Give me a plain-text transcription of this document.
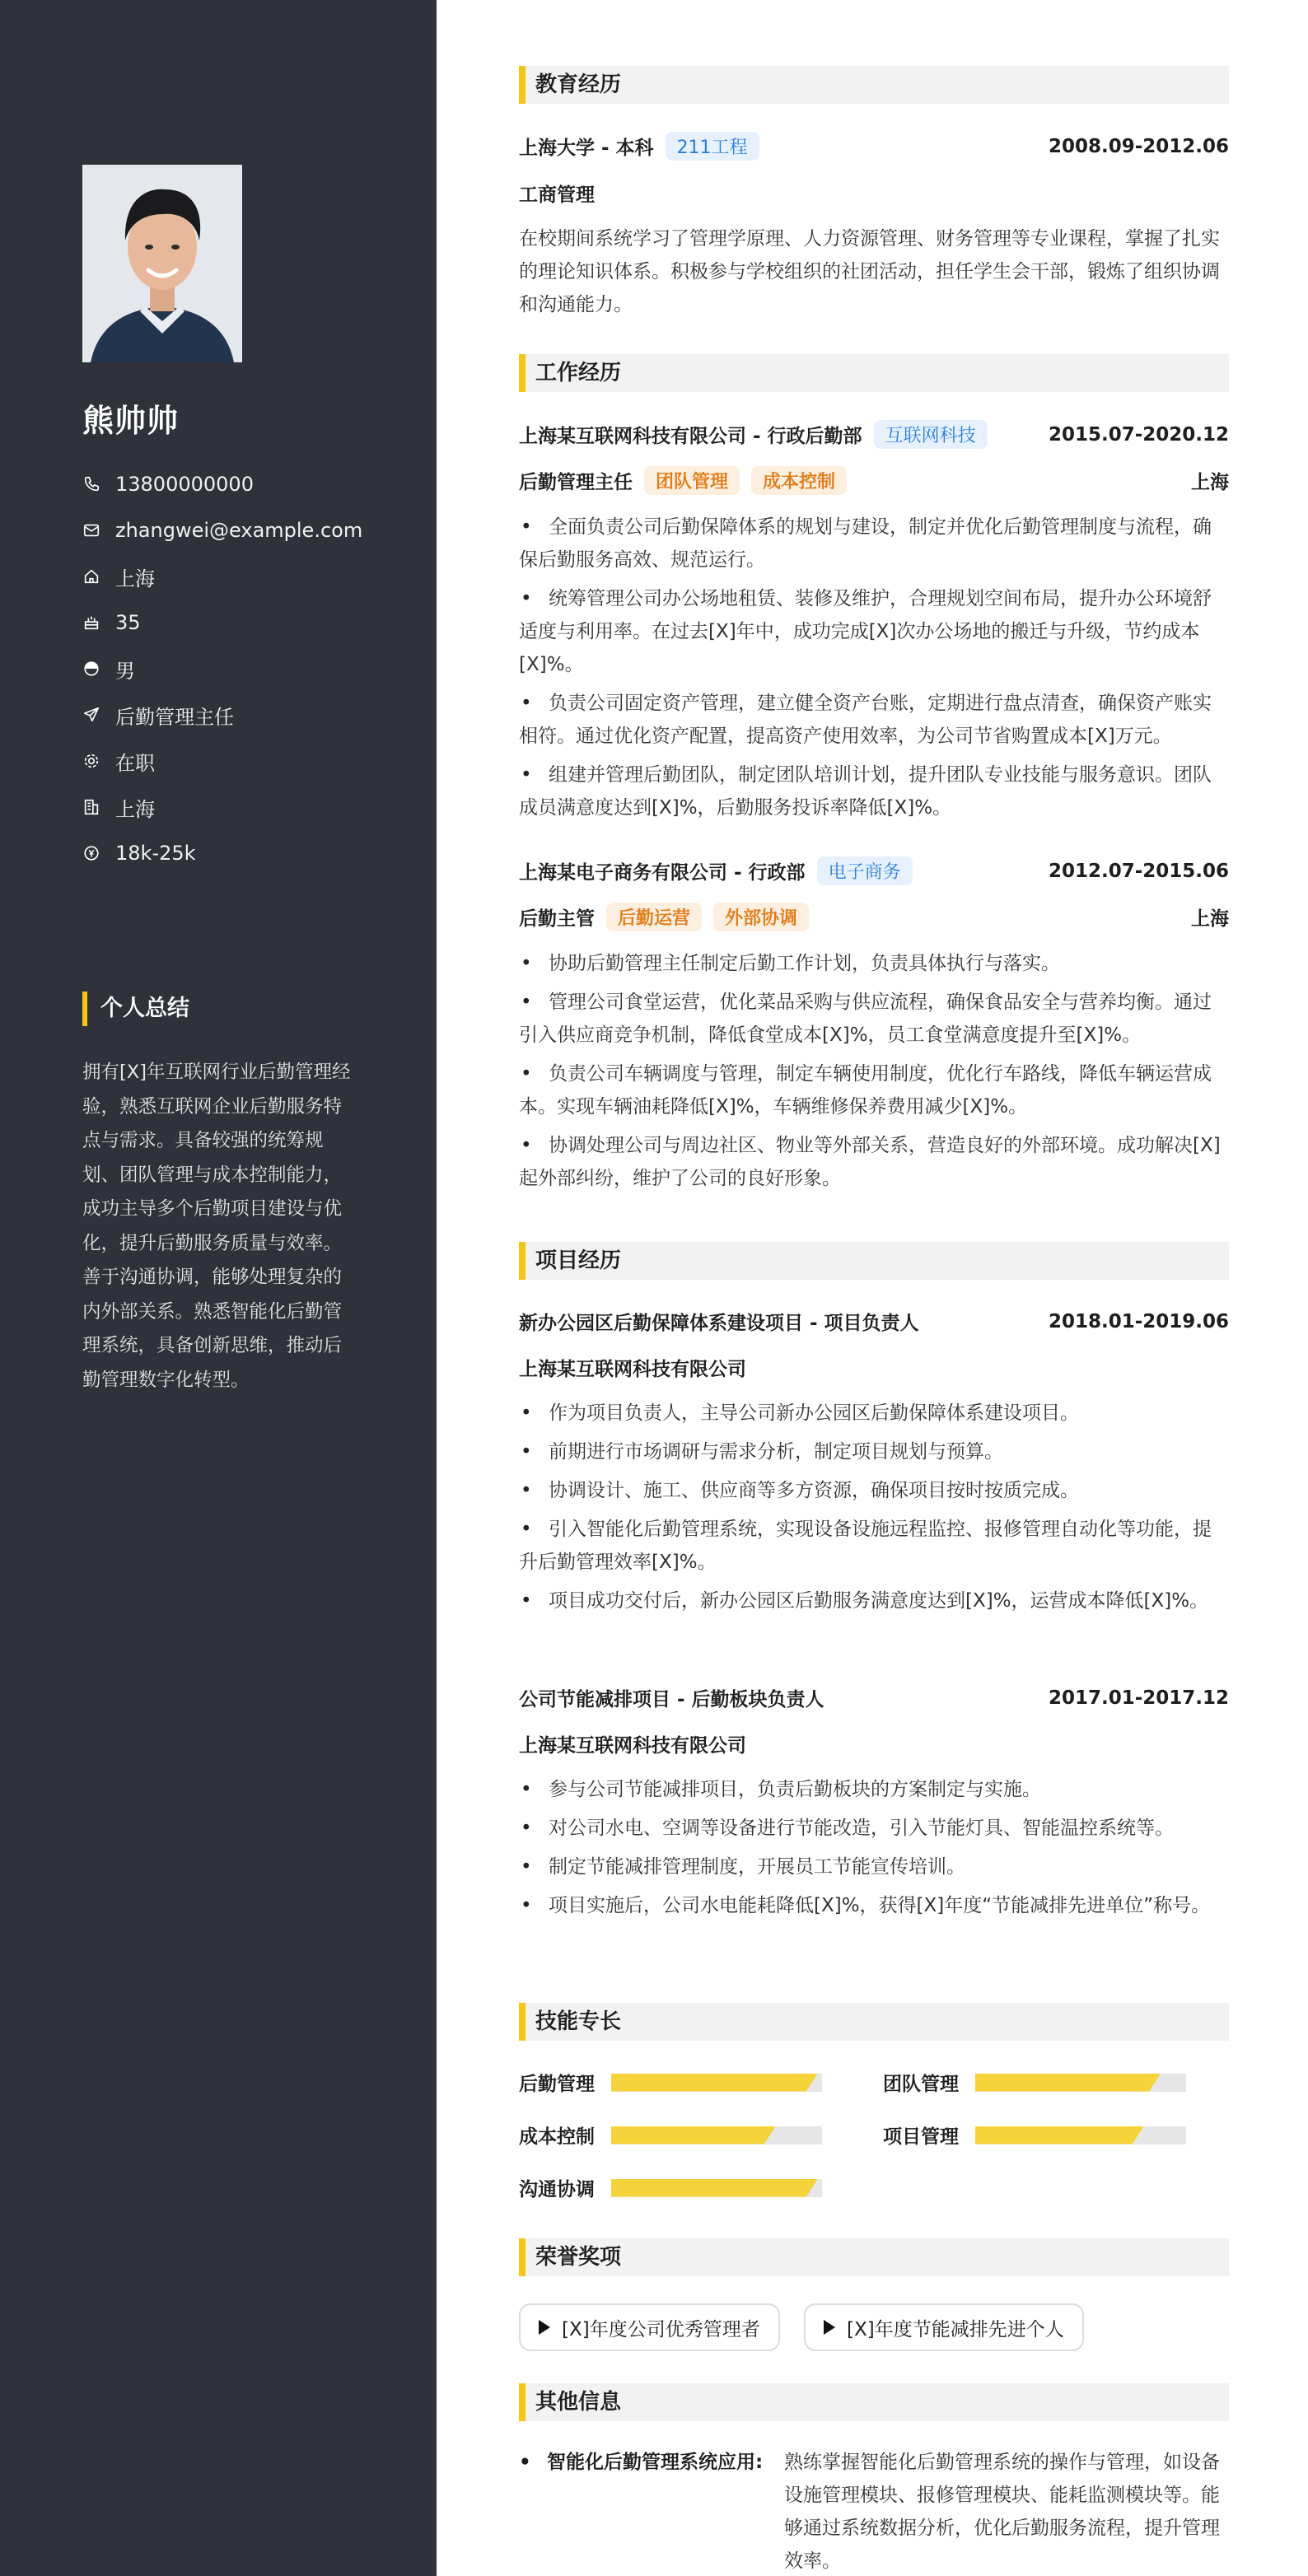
熊帅帅
13800000000
zhangwei@example.com
上海
35
男
后勤管理主任
在职
上海
18k-25k
个人总结
拥有[X]年互联网行业后勤管理经验，熟悉互联网企业后勤服务特点与需求。具备较强的统筹规划、团队管理与成本控制能力，成功主导多个后勤项目建设与优化，提升后勤服务质量与效率。善于沟通协调，能够处理复杂的内外部关系。熟悉智能化后勤管理系统，具备创新思维，推动后勤管理数字化转型。
教育经历
上海大学 - 本科	211工程	2008.09-2012.06
工商管理
在校期间系统学习了管理学原理、人力资源管理、财务管理等专业课程，掌握了扎实的理论知识体系。积极参与学校组织的社团活动，担任学生会干部，锻炼了组织协调和沟通能力。
工作经历
上海某互联网科技有限公司 - 行政后勤部	互联网科技	2015.07-2020.12
后勤管理主任	团队管理	成本控制	上海
• 全面负责公司后勤保障体系的规划与建设，制定并优化后勤管理制度与流程，确保后勤服务高效、规范运行。
• 统筹管理公司办公场地租赁、装修及维护，合理规划空间布局，提升办公环境舒适度与利用率。在过去[X]年中，成功完成[X]次办公场地的搬迁与升级，节约成本[X]%。
• 负责公司固定资产管理，建立健全资产台账，定期进行盘点清查，确保资产账实相符。通过优化资产配置，提高资产使用效率，为公司节省购置成本[X]万元。
• 组建并管理后勤团队，制定团队培训计划，提升团队专业技能与服务意识。团队成员满意度达到[X]%，后勤服务投诉率降低[X]%。
上海某电子商务有限公司 - 行政部	电子商务	2012.07-2015.06
后勤主管	后勤运营	外部协调	上海
• 协助后勤管理主任制定后勤工作计划，负责具体执行与落实。
• 管理公司食堂运营，优化菜品采购与供应流程，确保食品安全与营养均衡。通过引入供应商竞争机制，降低食堂成本[X]%，员工食堂满意度提升至[X]%。
• 负责公司车辆调度与管理，制定车辆使用制度，优化行车路线，降低车辆运营成本。实现车辆油耗降低[X]%，车辆维修保养费用减少[X]%。
• 协调处理公司与周边社区、物业等外部关系，营造良好的外部环境。成功解决[X]起外部纠纷，维护了公司的良好形象。
项目经历
新办公园区后勤保障体系建设项目 - 项目负责人	2018.01-2019.06
上海某互联网科技有限公司
• 作为项目负责人，主导公司新办公园区后勤保障体系建设项目。
• 前期进行市场调研与需求分析，制定项目规划与预算。
• 协调设计、施工、供应商等多方资源，确保项目按时按质完成。
• 引入智能化后勤管理系统，实现设备设施远程监控、报修管理自动化等功能，提升后勤管理效率[X]%。
• 项目成功交付后，新办公园区后勤服务满意度达到[X]%，运营成本降低[X]%。
公司节能减排项目 - 后勤板块负责人	2017.01-2017.12
上海某互联网科技有限公司
• 参与公司节能减排项目，负责后勤板块的方案制定与实施。
• 对公司水电、空调等设备进行节能改造，引入节能灯具、智能温控系统等。
• 制定节能减排管理制度，开展员工节能宣传培训。
• 项目实施后，公司水电能耗降低[X]%，获得[X]年度“节能减排先进单位”称号。
技能专长
后勤管理	团队管理
成本控制	项目管理
沟通协调
荣誉奖项
[X]年度公司优秀管理者	[X]年度节能减排先进个人
其他信息
• 智能化后勤管理系统应用:	熟练掌握智能化后勤管理系统的操作与管理，如设备设施管理模块、报修管理模块、能耗监测模块等。能够通过系统数据分析，优化后勤服务流程，提升管理效率。
